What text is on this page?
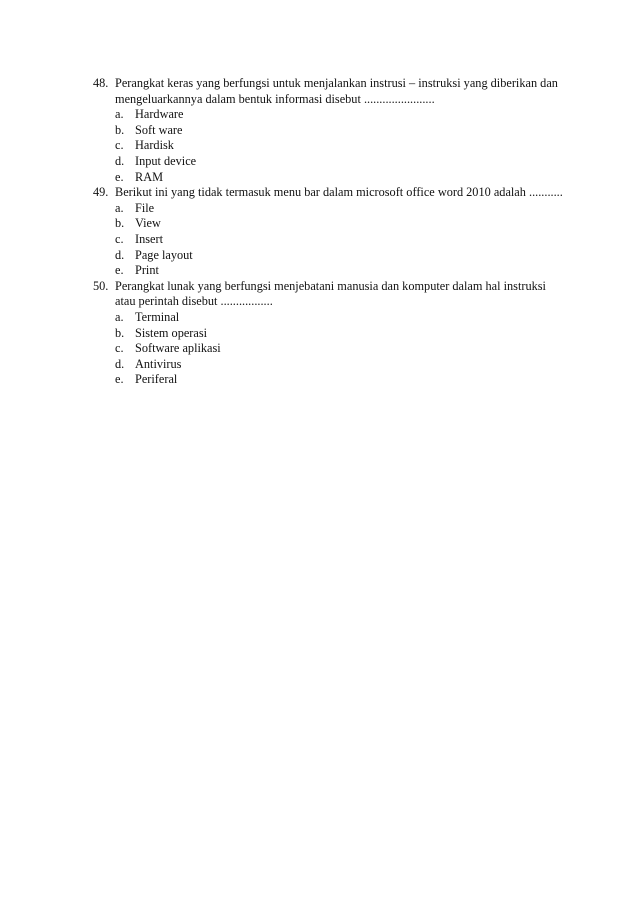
48. Perangkat keras yang berfungsi untuk menjalankan instrusi – instruksi yang diberikan dan mengeluarkannya dalam bentuk informasi disebut .......................
a. Hardware
b. Soft ware
c. Hardisk
d. Input device
e. RAM
49. Berikut ini yang tidak termasuk menu bar dalam microsoft office word 2010 adalah ...........
a. File
b. View
c. Insert
d. Page layout
e. Print
50. Perangkat lunak yang berfungsi menjebatani manusia dan komputer dalam hal instruksi atau perintah disebut .................
a. Terminal
b. Sistem operasi
c. Software aplikasi
d. Antivirus
e. Periferal
